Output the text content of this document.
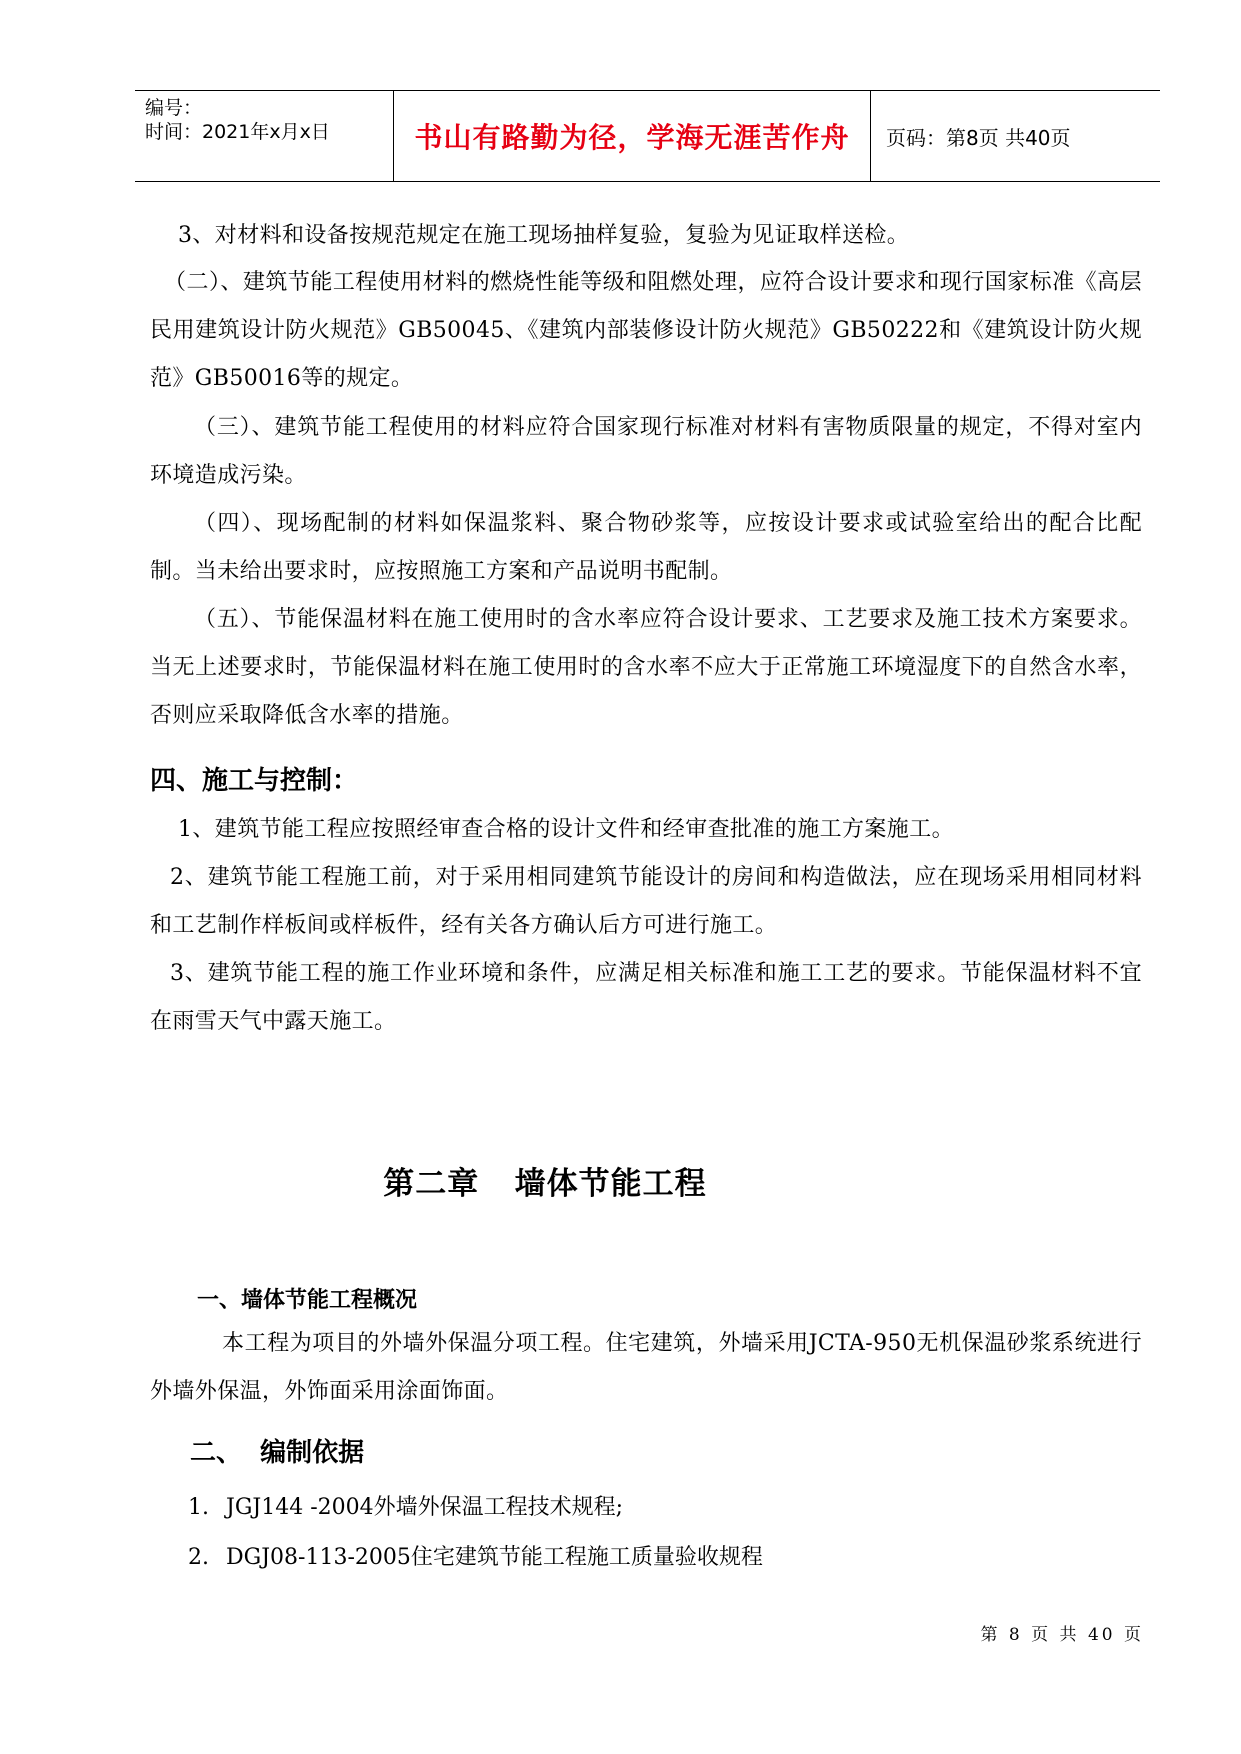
编号：
时间：2021年x月x日	书山有路勤为径，学海无涯苦作舟	页码：第8页 共40页

3、对材料和设备按规范规定在施工现场抽样复验，复验为见证取样送检。

（二）、建筑节能工程使用材料的燃烧性能等级和阻燃处理，应符合设计要求和现行国家标准《高层民用建筑设计防火规范》GB50045、《建筑内部装修设计防火规范》GB50222和《建筑设计防火规范》GB50016等的规定。

（三）、建筑节能工程使用的材料应符合国家现行标准对材料有害物质限量的规定，不得对室内环境造成污染。

（四）、现场配制的材料如保温浆料、聚合物砂浆等，应按设计要求或试验室给出的配合比配制。当未给出要求时，应按照施工方案和产品说明书配制。

（五）、节能保温材料在施工使用时的含水率应符合设计要求、工艺要求及施工技术方案要求。当无上述要求时，节能保温材料在施工使用时的含水率不应大于正常施工环境湿度下的自然含水率，否则应采取降低含水率的措施。

四、施工与控制：

1、建筑节能工程应按照经审查合格的设计文件和经审查批准的施工方案施工。

2、建筑节能工程施工前，对于采用相同建筑节能设计的房间和构造做法，应在现场采用相同材料和工艺制作样板间或样板件，经有关各方确认后方可进行施工。

3、建筑节能工程的施工作业环境和条件，应满足相关标准和施工工艺的要求。节能保温材料不宜在雨雪天气中露天施工。

第二章   墙体节能工程
一、墙体节能工程概况

本工程为项目的外墙外保温分项工程。住宅建筑，外墙采用JCTA-950无机保温砂浆系统进行外墙外保温，外饰面采用涂面饰面。

二、  编制依据
1. JGJ144 -2004外墙外保温工程技术规程;
2. DGJ08-113-2005住宅建筑节能工程施工质量验收规程
第 8 页 共 40 页
